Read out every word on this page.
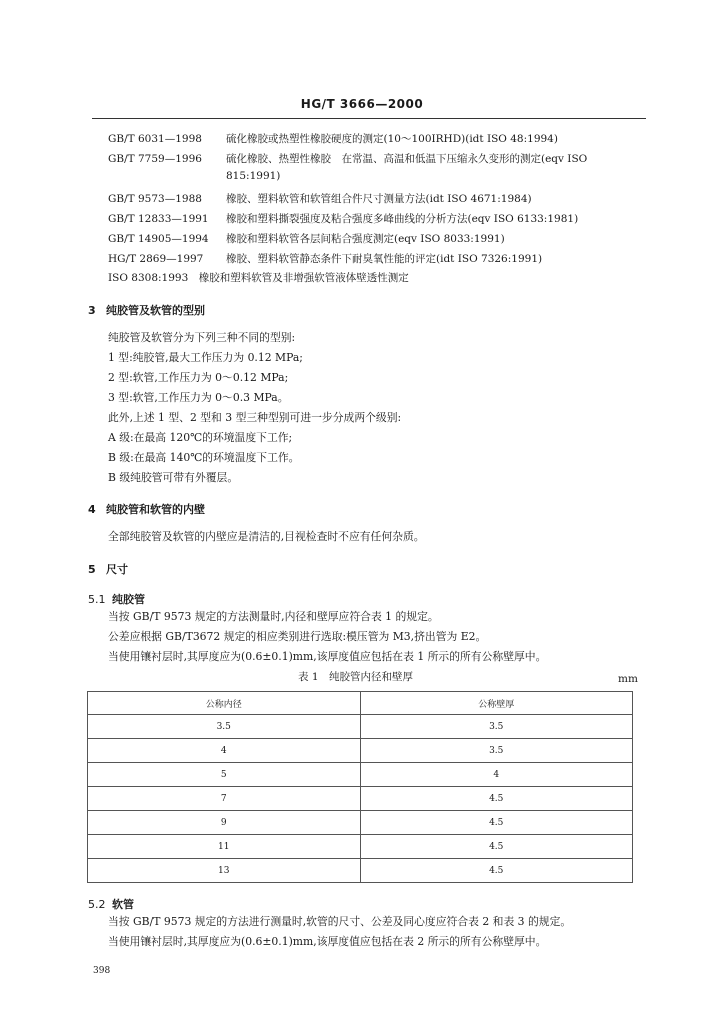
HG/T 3666—2000
GB/T 6031—1998 硫化橡胶或热塑性橡胶硬度的测定(10～100IRHD)(idt ISO 48:1994)
GB/T 7759—1996 硫化橡胶、热塑性橡胶　在常温、高温和低温下压缩永久变形的测定(eqv ISO
815:1991)
GB/T 9573—1988 橡胶、塑料软管和软管组合件尺寸测量方法(idt ISO 4671:1984)
GB/T 12833—1991 橡胶和塑料撕裂强度及粘合强度多峰曲线的分析方法(eqv ISO 6133:1981)
GB/T 14905—1994 橡胶和塑料软管各层间粘合强度测定(eqv ISO 8033:1991)
HG/T 2869—1997 橡胶、塑料软管静态条件下耐臭氧性能的评定(idt ISO 7326:1991)
ISO 8308:1993　橡胶和塑料软管及非增强软管液体壁透性测定
3 纯胶管及软管的型别
纯胶管及软管分为下列三种不同的型别:
1 型:纯胶管,最大工作压力为 0.12 MPa;
2 型:软管,工作压力为 0～0.12 MPa;
3 型:软管,工作压力为 0～0.3 MPa。
此外,上述 1 型、2 型和 3 型三种型别可进一步分成两个级别:
A 级:在最高 120℃的环境温度下工作;
B 级:在最高 140℃的环境温度下工作。
B 级纯胶管可带有外覆层。
4 纯胶管和软管的内壁
全部纯胶管及软管的内壁应是清洁的,目视检查时不应有任何杂质。
5 尺寸
5.1 纯胶管
当按 GB/T 9573 规定的方法测量时,内径和壁厚应符合表 1 的规定。
公差应根据 GB/T3672 规定的相应类别进行选取:模压管为 M3,挤出管为 E2。
当使用镶衬层时,其厚度应为(0.6±0.1)mm,该厚度值应包括在表 1 所示的所有公称壁厚中。
表 1　纯胶管内径和壁厚	mm
公称内径	公称壁厚
3.5	3.5
4	3.5
5	4
7	4.5
9	4.5
11	4.5
13	4.5
5.2 软管
当按 GB/T 9573 规定的方法进行测量时,软管的尺寸、公差及同心度应符合表 2 和表 3 的规定。
当使用镶衬层时,其厚度应为(0.6±0.1)mm,该厚度值应包括在表 2 所示的所有公称壁厚中。
398
